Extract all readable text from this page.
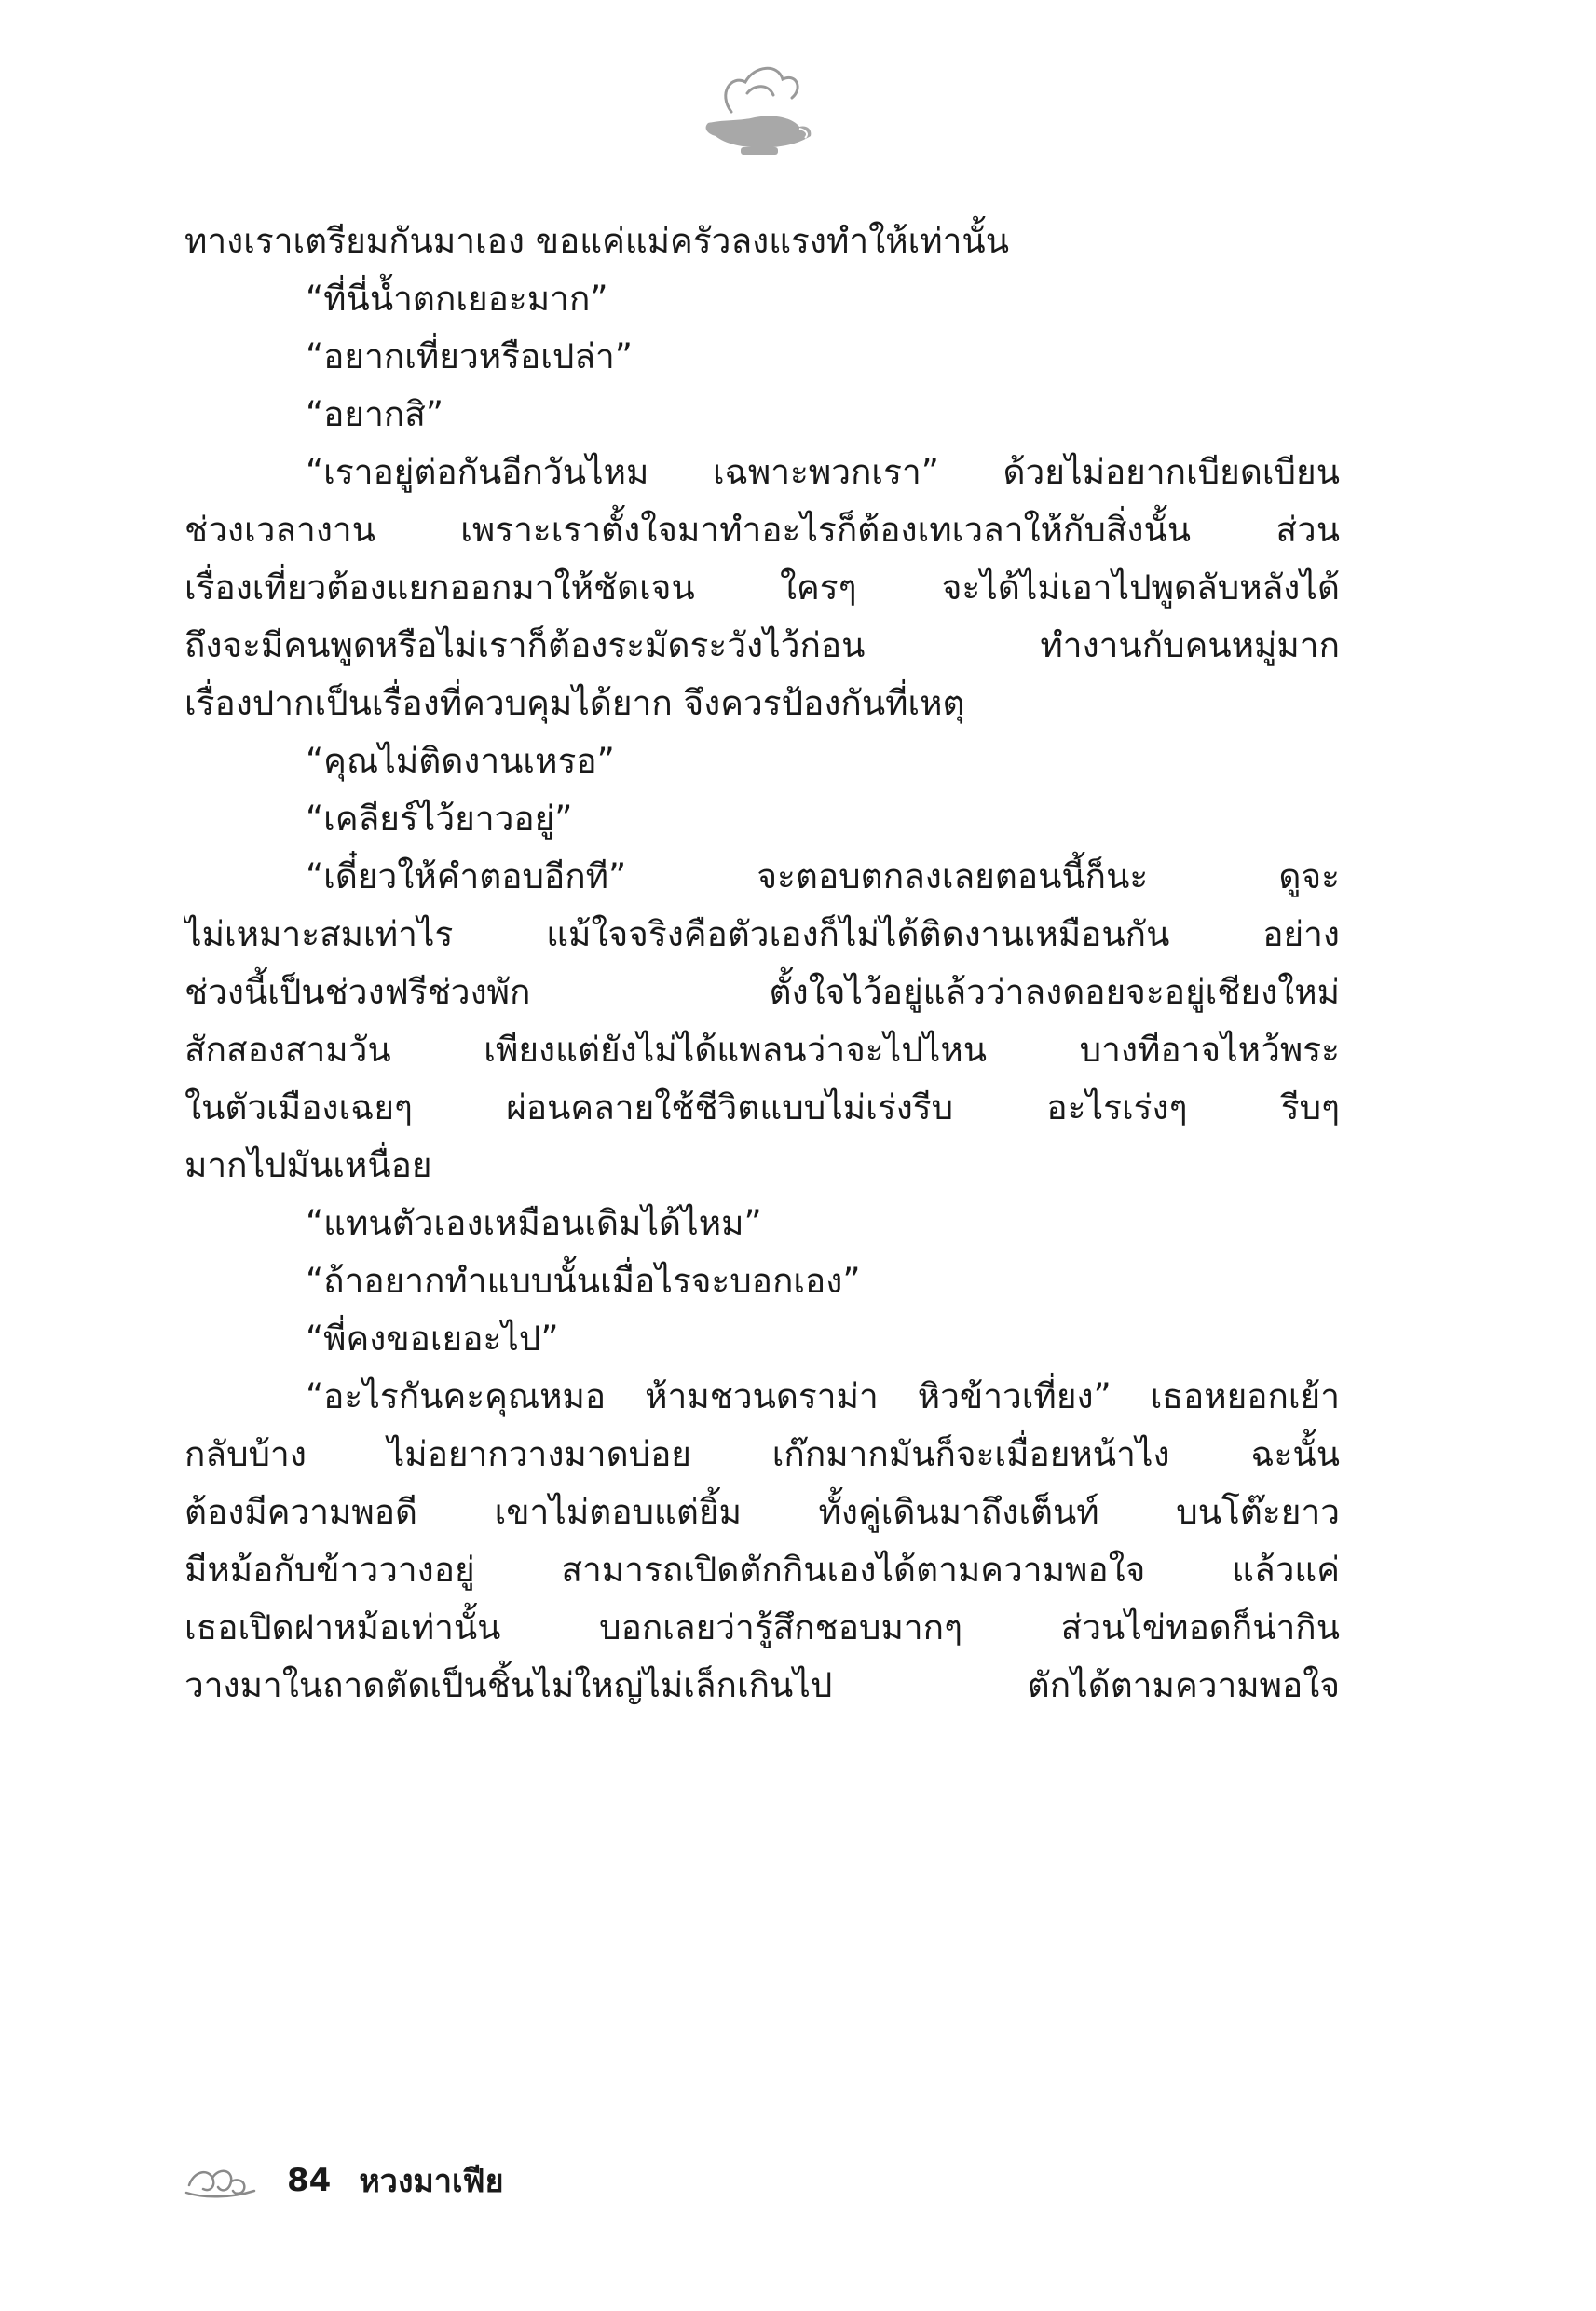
ทางเราเตรียมกันมาเอง ขอแค่แม่ครัวลงแรงทำให้เท่านั้น
“ที่นี่น้ำตกเยอะมาก”
“อยากเที่ยวหรือเปล่า”
“อยากสิ”
“เราอยู่ต่อกันอีกวันไหม เฉพาะพวกเรา” ด้วยไม่อยากเบียดเบียน
ช่วงเวลางาน เพราะเราตั้งใจมาทำอะไรก็ต้องเทเวลาให้กับสิ่งนั้น ส่วน
เรื่องเที่ยวต้องแยกออกมาให้ชัดเจน ใครๆ จะได้ไม่เอาไปพูดลับหลังได้
ถึงจะมีคนพูดหรือไม่เราก็ต้องระมัดระวังไว้ก่อน ทำงานกับคนหมู่มาก
เรื่องปากเป็นเรื่องที่ควบคุมได้ยาก จึงควรป้องกันที่เหตุ
“คุณไม่ติดงานเหรอ”
“เคลียร์ไว้ยาวอยู่”
“เดี๋ยวให้คำตอบอีกที” จะตอบตกลงเลยตอนนี้ก็นะ ดูจะ
ไม่เหมาะสมเท่าไร แม้ใจจริงคือตัวเองก็ไม่ได้ติดงานเหมือนกัน อย่าง
ช่วงนี้เป็นช่วงฟรีช่วงพัก ตั้งใจไว้อยู่แล้วว่าลงดอยจะอยู่เชียงใหม่
สักสองสามวัน เพียงแต่ยังไม่ได้แพลนว่าจะไปไหน บางทีอาจไหว้พระ
ในตัวเมืองเฉยๆ ผ่อนคลายใช้ชีวิตแบบไม่เร่งรีบ อะไรเร่งๆ รีบๆ
มากไปมันเหนื่อย
“แทนตัวเองเหมือนเดิมได้ไหม”
“ถ้าอยากทำแบบนั้นเมื่อไรจะบอกเอง”
“พี่คงขอเยอะไป”
“อะไรกันคะคุณหมอ ห้ามชวนดราม่า หิวข้าวเที่ยง” เธอหยอกเย้า
กลับบ้าง ไม่อยากวางมาดบ่อย เก๊กมากมันก็จะเมื่อยหน้าไง ฉะนั้น
ต้องมีความพอดี เขาไม่ตอบแต่ยิ้ม ทั้งคู่เดินมาถึงเต็นท์ บนโต๊ะยาว
มีหม้อกับข้าววางอยู่ สามารถเปิดตักกินเองได้ตามความพอใจ แล้วแค่
เธอเปิดฝาหม้อเท่านั้น บอกเลยว่ารู้สึกชอบมากๆ ส่วนไข่ทอดก็น่ากิน
วางมาในถาดตัดเป็นชิ้นไม่ใหญ่ไม่เล็กเกินไป ตักได้ตามความพอใจ
84 หวงมาเฟีย
